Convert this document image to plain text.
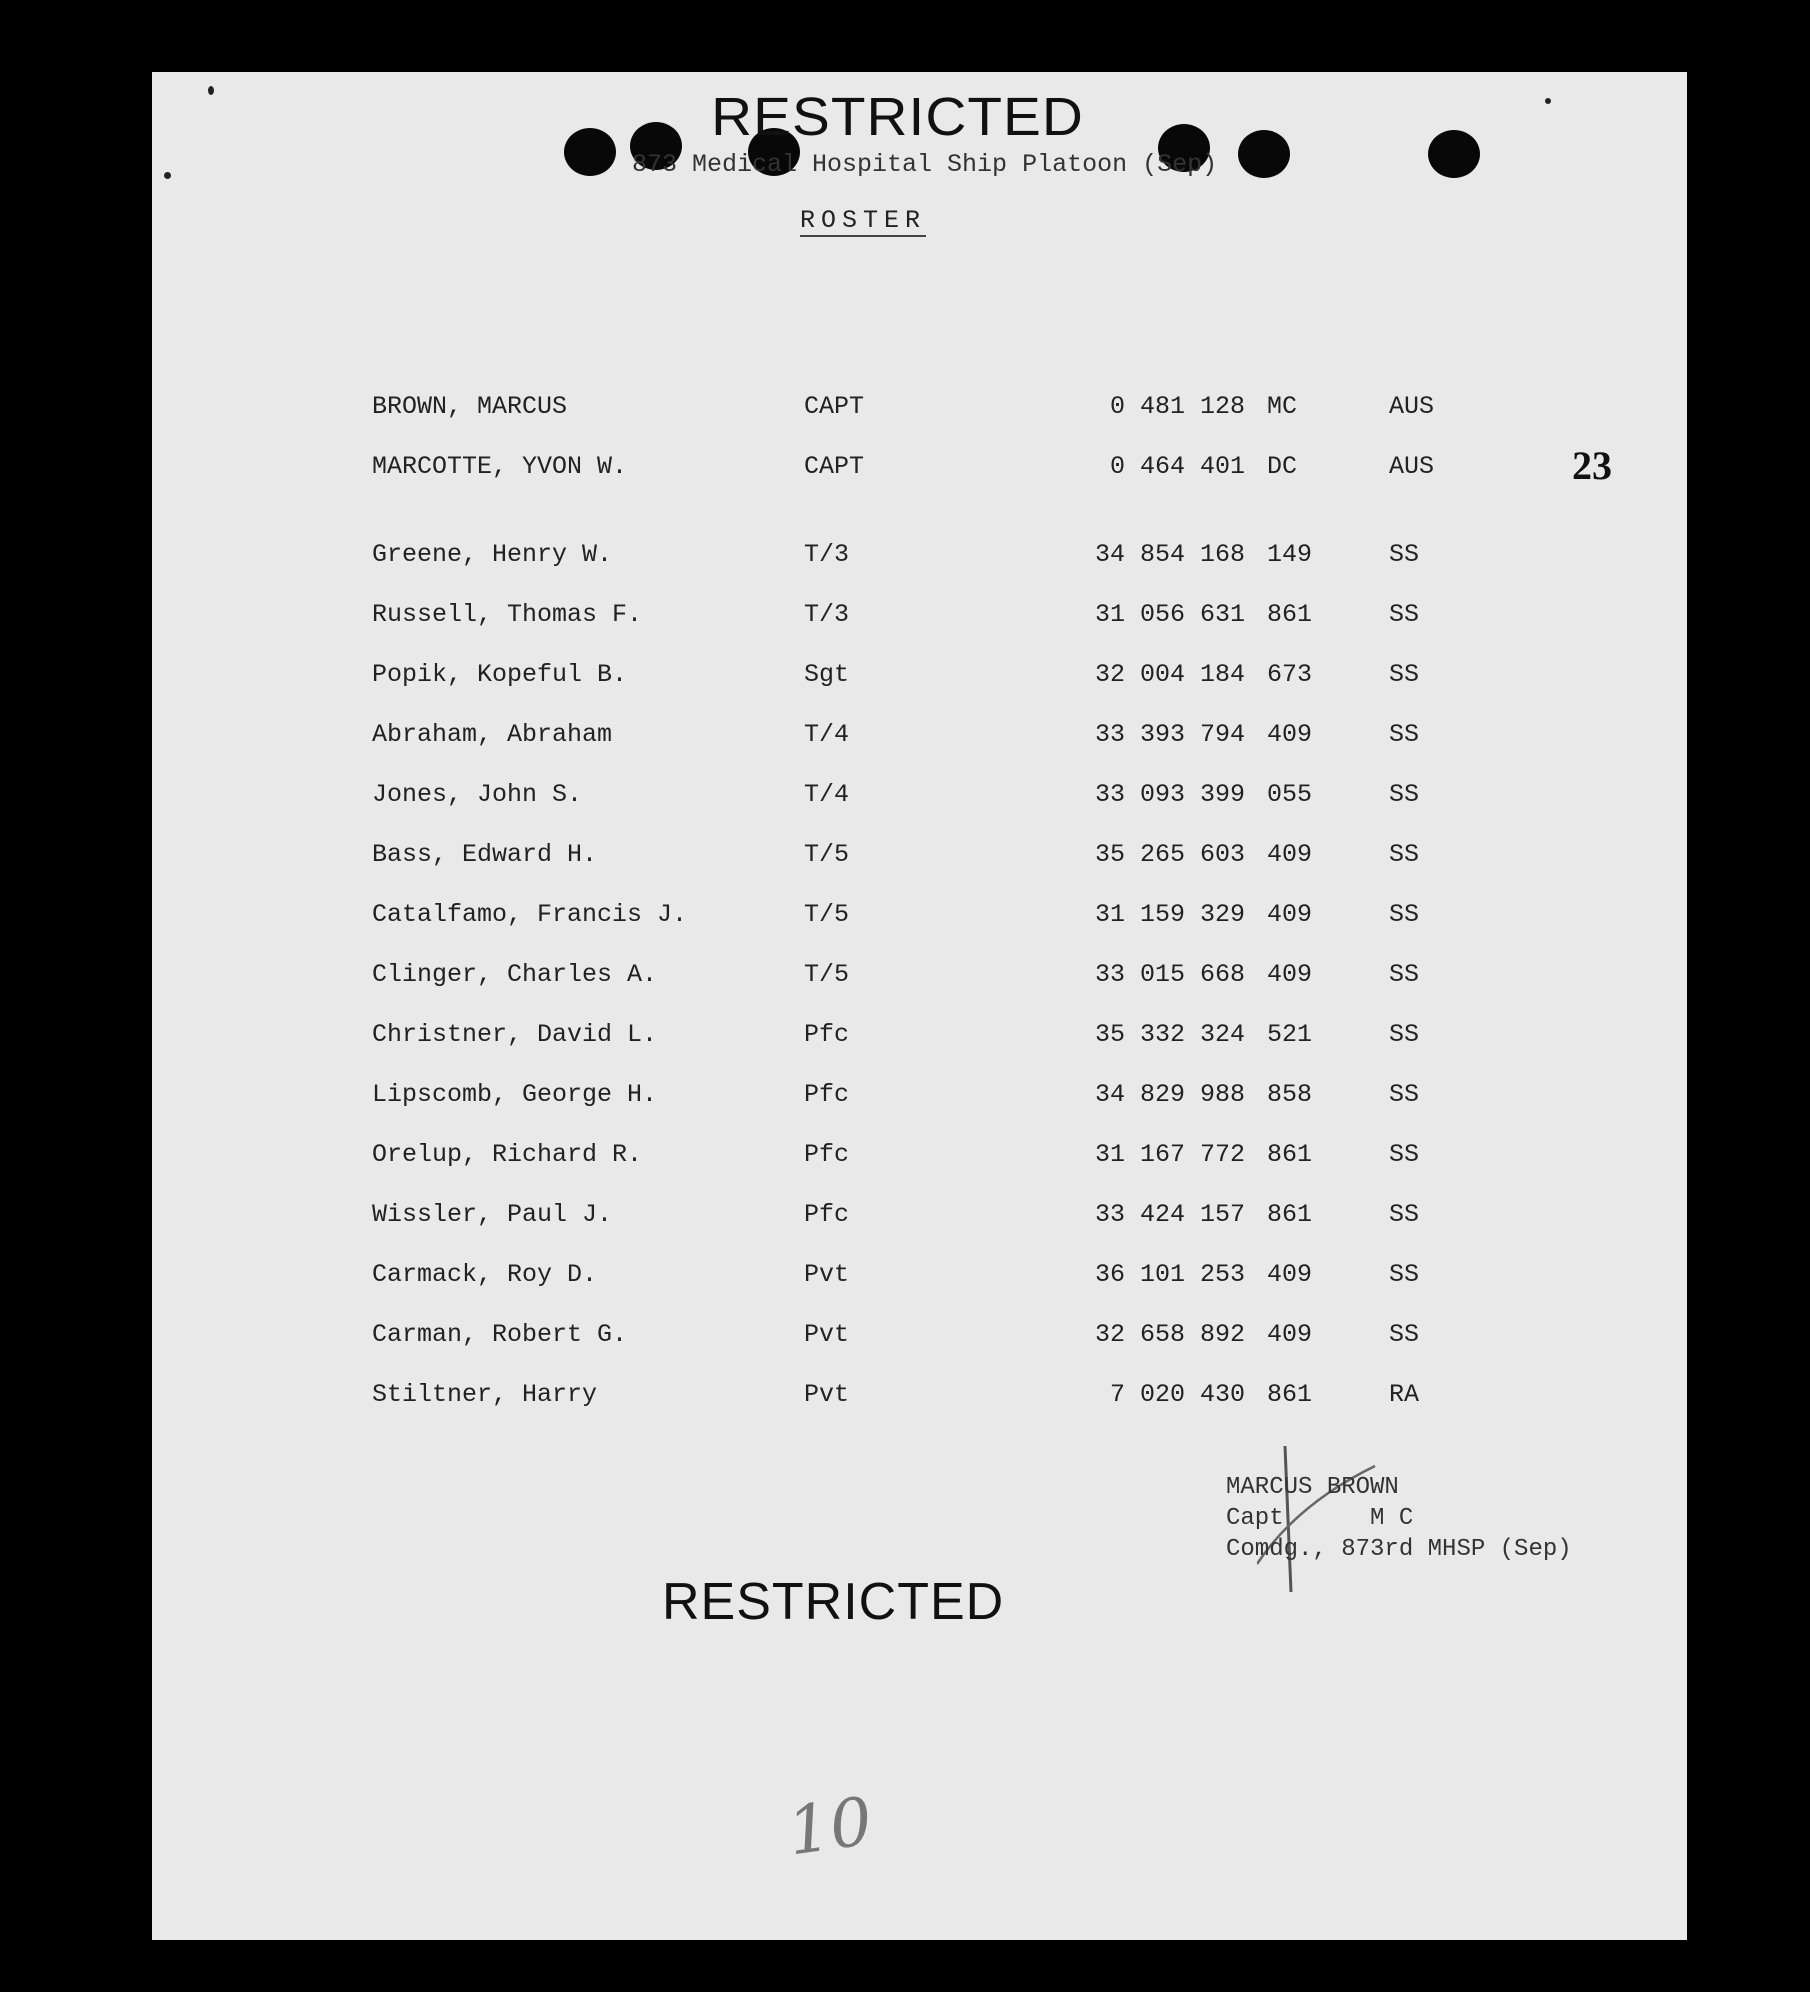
RESTRICTED
873 Medical Hospital Ship Platoon (Sep)
ROSTER
23
BROWN, MARCUS	CAPT	0 481 128 MC	AUS
MARCOTTE, YVON W.	CAPT	0 464 401 DC	AUS
Greene, Henry W.	T/3	34 854 168 149	SS
Russell, Thomas F.	T/3	31 056 631 861	SS
Popik, Kopeful B.	Sgt	32 004 184 673	SS
Abraham, Abraham	T/4	33 393 794 409	SS
Jones, John S.	T/4	33 093 399 055	SS
Bass, Edward H.	T/5	35 265 603 409	SS
Catalfamo, Francis J.	T/5	31 159 329 409	SS
Clinger, Charles A.	T/5	33 015 668 409	SS
Christner, David L.	Pfc	35 332 324 521	SS
Lipscomb, George H.	Pfc	34 829 988 858	SS
Orelup, Richard R.	Pfc	31 167 772 861	SS
Wissler, Paul J.	Pfc	33 424 157 861	SS
Carmack, Roy D.	Pvt	36 101 253 409	SS
Carman, Robert G.	Pvt	32 658 892 409	SS
Stiltner, Harry	Pvt	7 020 430 861	RA
MARCUS BROWN
Capt      M C
Comdg., 873rd MHSP (Sep)
RESTRICTED
10
